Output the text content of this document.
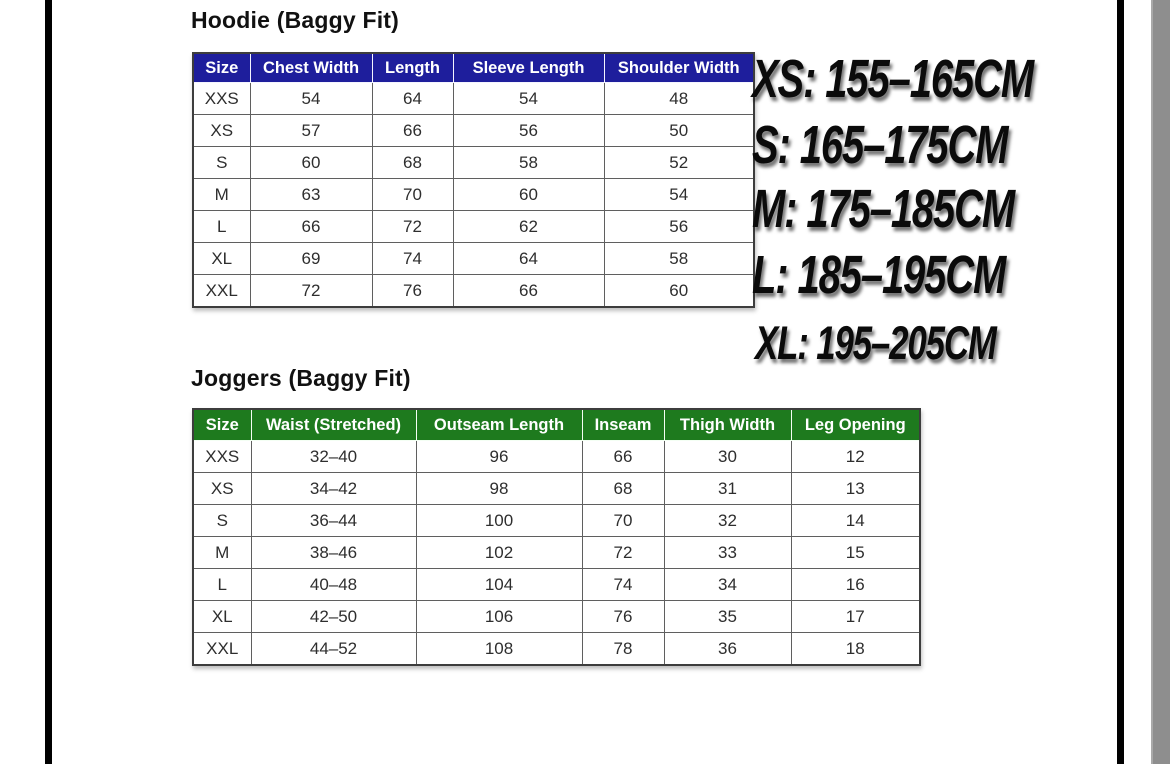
Hoodie (Baggy Fit)
Size	Chest Width	Length	Sleeve Length	Shoulder Width
XXS	54	64	54	48
XS	57	66	56	50
S	60	68	58	52
M	63	70	60	54
L	66	72	62	56
XL	69	74	64	58
XXL	72	76	66	60
Joggers (Baggy Fit)
Size	Waist (Stretched)	Outseam Length	Inseam	Thigh Width	Leg Opening
XXS	32–40	96	66	30	12
XS	34–42	98	68	31	13
S	36–44	100	70	32	14
M	38–46	102	72	33	15
L	40–48	104	74	34	16
XL	42–50	106	76	35	17
XXL	44–52	108	78	36	18
XS: 155–165CM
S: 165–175CM
M: 175–185CM
L: 185–195CM
XL: 195–205CM
